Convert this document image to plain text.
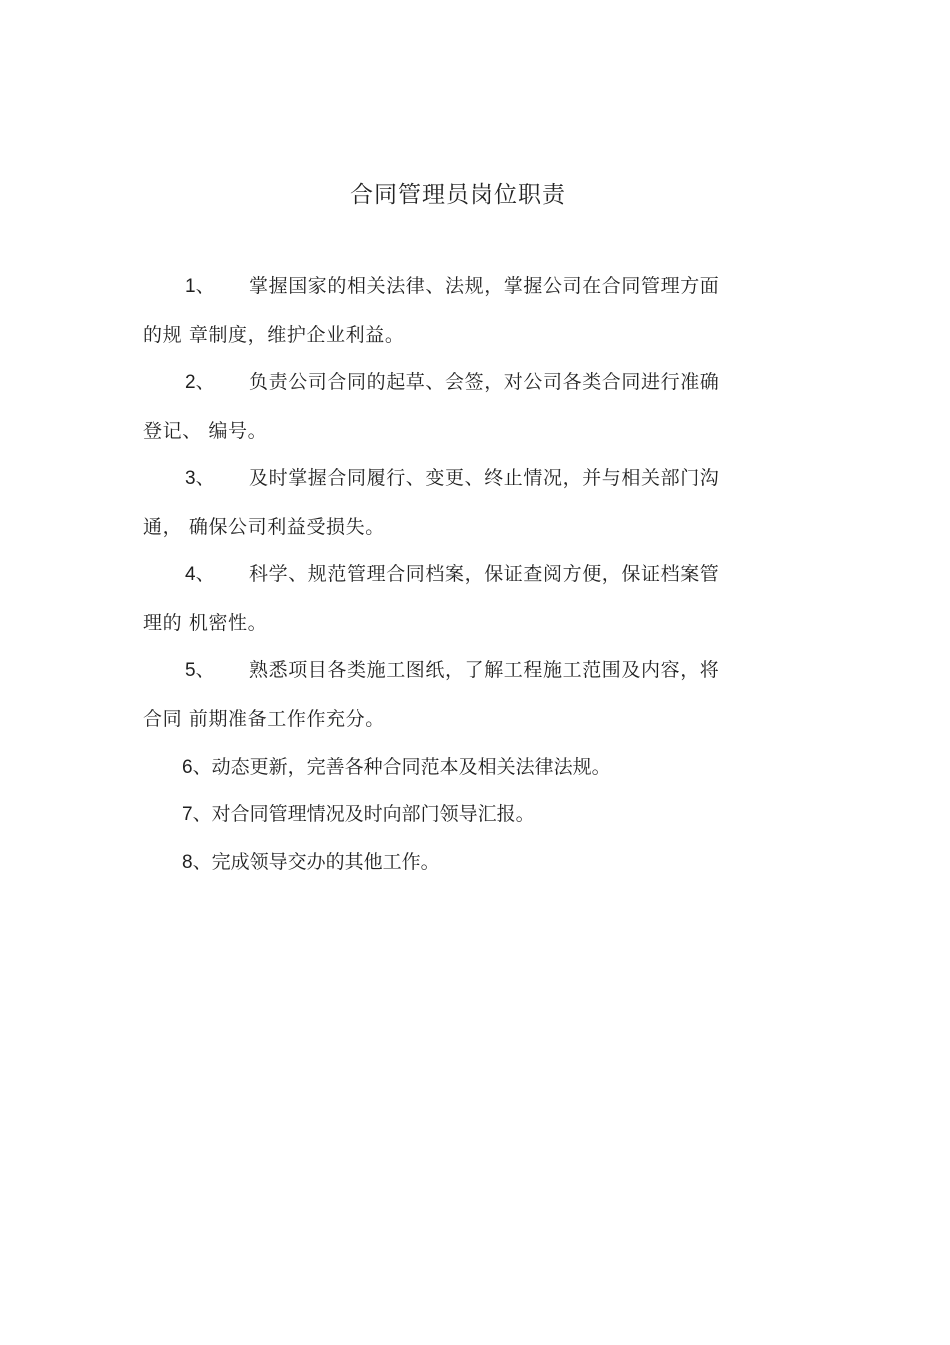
合同管理员岗位职责
1、 掌握国家的相关法律、法规，掌握公司在合同管理方面
的规 章制度，维护企业利益。
2、 负责公司合同的起草、会签，对公司各类合同进行准确
登记、 编号。
3、 及时掌握合同履行、变更、终止情况，并与相关部门沟
通， 确保公司利益受损失。
4、 科学、规范管理合同档案，保证查阅方便，保证档案管
理的 机密性。
5、 熟悉项目各类施工图纸，了解工程施工范围及内容，将
合同 前期准备工作作充分。
6、动态更新，完善各种合同范本及相关法律法规。
7、对合同管理情况及时向部门领导汇报。
8、完成领导交办的其他工作。
